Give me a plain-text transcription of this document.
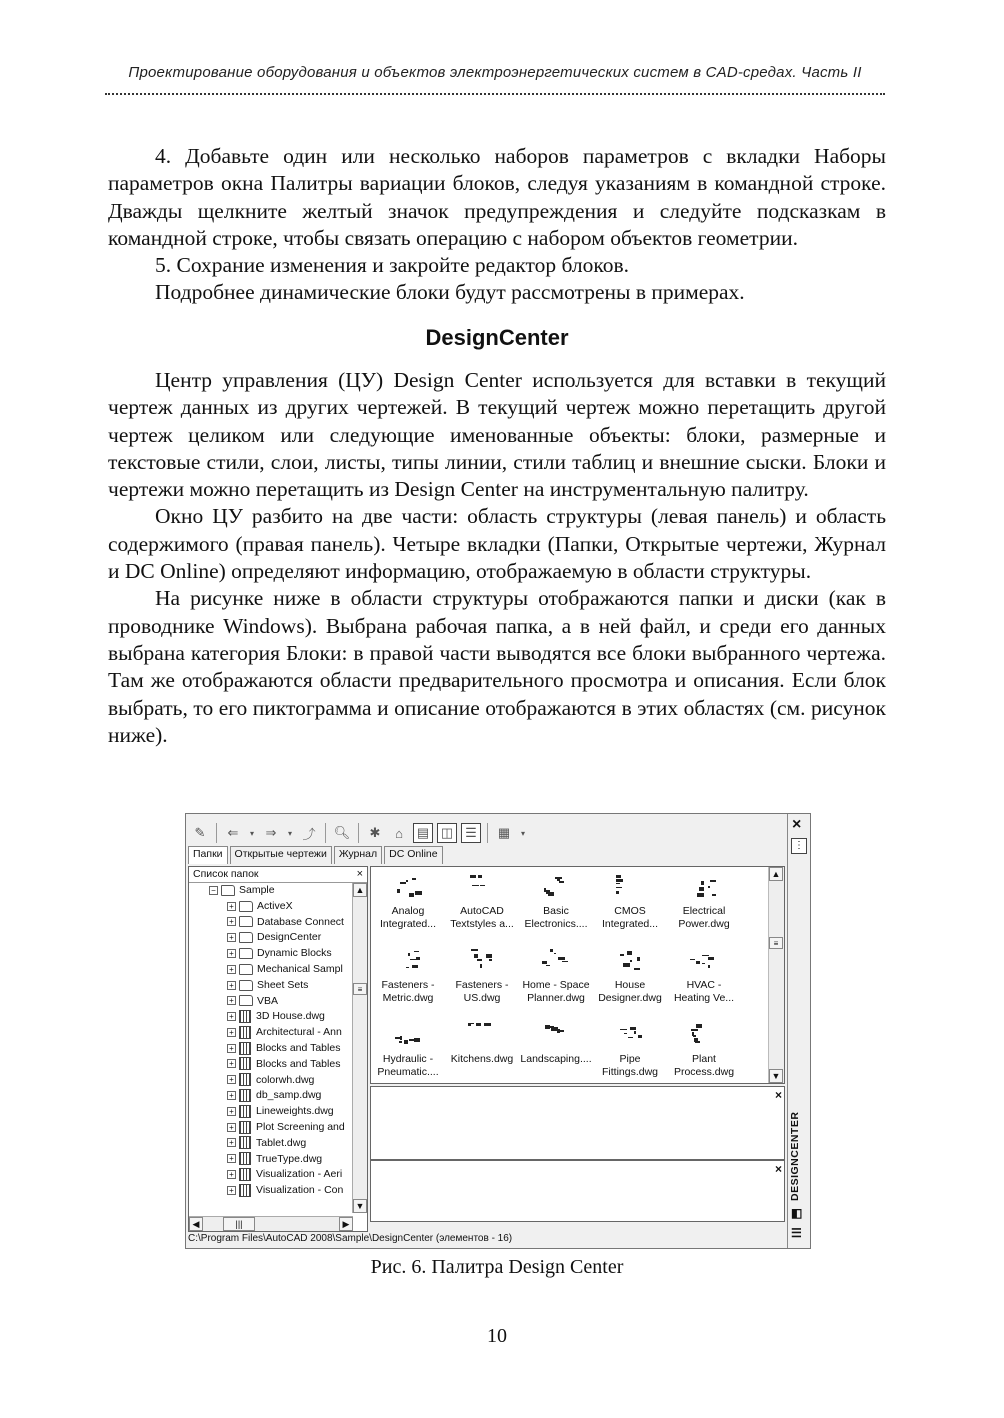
Проектирование оборудования и объектов электроэнергетических систем в CAD-средах. Часть II

4. Добавьте один или несколько наборов параметров с вкладки Наборы параметров окна Палитры вариации блоков, следуя указаниям в командной строке. Дважды щелкните желтый значок предупреждения и следуйте подсказкам в командной строке, чтобы связать операцию с набором объектов геометрии.

5. Сохрание изменения и закройте редактор блоков.

Подробнее динамические блоки будут рассмотрены в примерах.

DesignCenter

Центр управления (ЦУ) Design Center используется для вставки в текущий чертеж данных из других чертежей. В текущий чертеж можно перетащить другой чертеж целиком или следующие именованные объекты: блоки, размерные и текстовые стили, слои, листы, типы линии, стили таблиц и внешние сыски. Блоки и чертежи можно перетащить из Design Center на инструментальную палитру.

Окно ЦУ разбито на две части: область структуры (левая панель) и область содержимого (правая панель). Четыре вкладки (Папки, Открытые чертежи, Журнал и DC Online) определяют информацию, отображаемую в области структуры.

На рисунке ниже в области структуры отображаются папки и диски (как в проводнике Windows). Выбрана рабочая папка, а в ней файл, и среди его данных выбрана категория Блоки: в правой части выводятся все блоки выбранного чертежа. Там же отображаются области предварительного просмотра и описания. Если блок выбрать, то его пиктограмма и описание отображаются в этих областях (см. рисунок ниже).

✎	⇐	▾ ⇒	▾ ⤴ 🔍︎	✱	⌂	▤ ◫ ☰	▦	▾
Папки	Открытые чертежи	Журнал	DC Online
Список папок	×
− Sample
+ ActiveX
+ Database Connect
+ DesignCenter
+ Dynamic Blocks
+ Mechanical Sampl
+ Sheet Sets
+ VBA
+ 3D House.dwg
+ Architectural - Ann
+ Blocks and Tables
+ Blocks and Tables
+ colorwh.dwg
+ db_samp.dwg
+ Lineweights.dwg
+ Plot Screening and
+ Tablet.dwg
+ TrueType.dwg
+ Visualization - Aeri
+ Visualization - Con
▲
≡
▼
◀	|||	▶
Analog
Integrated...
AutoCAD
Textstyles a...
Basic
Electronics....
CMOS
Integrated...
Electrical
Power.dwg
Fasteners -
Metric.dwg
Fasteners -
US.dwg
Home - Space
Planner.dwg
House
Designer.dwg
HVAC -
Heating Ve...
Hydraulic -
Pneumatic....
Kitchens.dwg Landscaping....	Pipe
Fittings.dwg
Plant
Process.dwg
▲
≡
▼
×
×
C:\Program Files\AutoCAD 2008\Sample\DesignCenter (элементов - 16)
×
⋮
DESIGNCENTER
◧
☰
Рис. 6. Палитра Design Center
10
